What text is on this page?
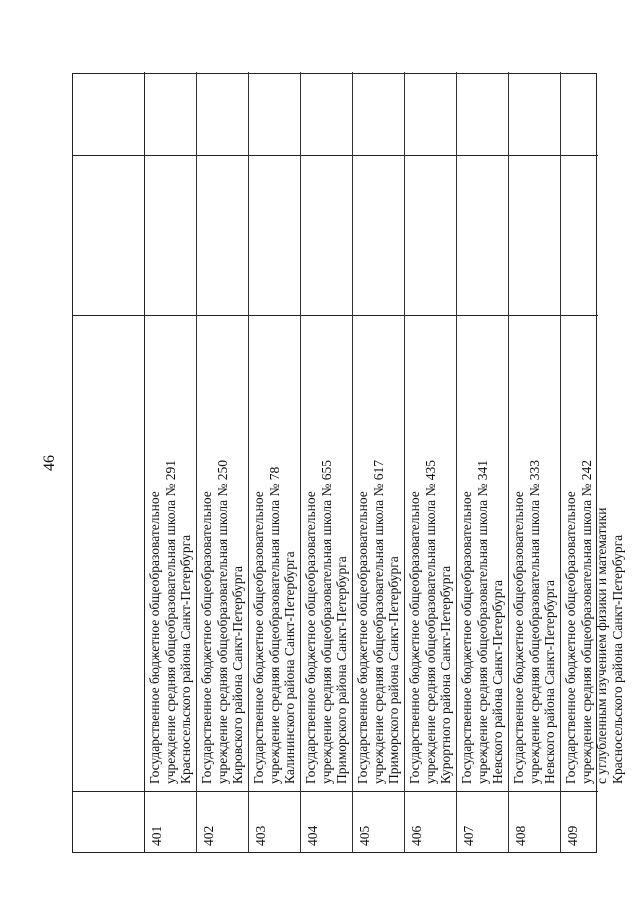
46
401
Государственное бюджетное общеобразовательное учреждение средняя общеобразовательная школа № 291 Красносельского района Санкт-Петербурга
402
Государственное бюджетное общеобразовательное учреждение средняя общеобразовательная школа № 250 Кировского района Санкт-Петербурга
403
Государственное бюджетное общеобразовательное учреждение средняя общеобразовательная школа № 78 Калининского района Санкт-Петербурга
404
Государственное бюджетное общеобразовательное учреждение средняя общеобразовательная школа № 655 Приморского района Санкт-Петербурга
405
Государственное бюджетное общеобразовательное учреждение средняя общеобразовательная школа № 617 Приморского района Санкт-Петербурга
406
Государственное бюджетное общеобразовательное учреждение средняя общеобразовательная школа № 435 Курортного района Санкт-Петербурга
407
Государственное бюджетное общеобразовательное учреждение средняя общеобразовательная школа № 341 Невского района Санкт-Петербурга
408
Государственное бюджетное общеобразовательное учреждение средняя общеобразовательная школа № 333 Невского района Санкт-Петербурга
409
Государственное бюджетное общеобразовательное учреждение средняя общеобразовательная школа № 242 с углубленным изучением физики и математики Красносельского района Санкт-Петербурга
